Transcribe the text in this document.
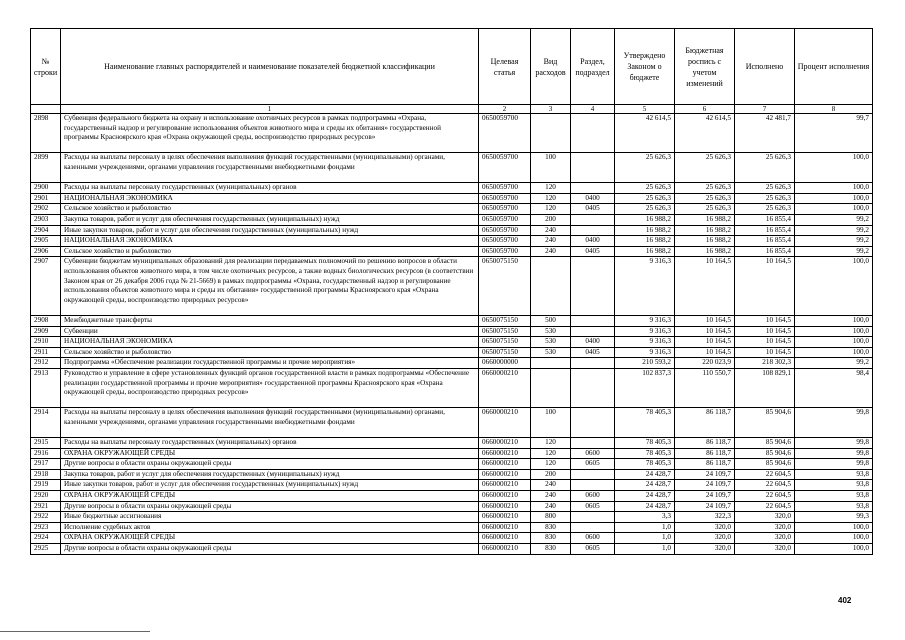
№ строки	Наименование главных распорядителей и наименование показателей бюджетной классификации	Целевая статья	Вид расходов	Раздел, подраздел	Утверждено Законом о бюджете	Бюджетная роспись с учетом изменений	Исполнено	Процент исполнения
	1	2	3	4	5	6	7	8
2898	Субвенция федерального бюджета на охрану и использование охотничьих ресурсов в рамках подпрограммы «Охрана, государственный надзор и регулирование использования объектов животного мира и среды их обитания» государственной программы Красноярского края «Охрана окружающей среды, воспроизводство природных ресурсов»	0650059700			42 614,5	42 614,5	42 481,7	99,7
2899	Расходы на выплаты персоналу в целях обеспечения выполнения функций государственными (муниципальными) органами, казенными учреждениями, органами управления государственными внебюджетными фондами	0650059700	100		25 626,3	25 626,3	25 626,3	100,0
2900	Расходы на выплаты персоналу государственных (муниципальных) органов	0650059700	120		25 626,3	25 626,3	25 626,3	100,0
2901	НАЦИОНАЛЬНАЯ ЭКОНОМИКА	0650059700	120	0400	25 626,3	25 626,3	25 626,3	100,0
2902	Сельское хозяйство и рыболовство	0650059700	120	0405	25 626,3	25 626,3	25 626,3	100,0
2903	Закупка товаров, работ и услуг для обеспечения государственных (муниципальных) нужд	0650059700	200		16 988,2	16 988,2	16 855,4	99,2
2904	Иные закупки товаров, работ и услуг для обеспечения государственных (муниципальных) нужд	0650059700	240		16 988,2	16 988,2	16 855,4	99,2
2905	НАЦИОНАЛЬНАЯ ЭКОНОМИКА	0650059700	240	0400	16 988,2	16 988,2	16 855,4	99,2
2906	Сельское хозяйство и рыболовство	0650059700	240	0405	16 988,2	16 988,2	16 855,4	99,2
2907	Субвенции бюджетам муниципальных образований для реализации передаваемых полномочий по решению вопросов в области использования объектов животного мира, в том числе охотничьих ресурсов, а также водных биологических ресурсов (в соответствии Законом края от 26 декабря 2006 года № 21-5669) в рамках подпрограммы «Охрана, государственный надзор и регулирование использования объектов животного мира и среды их обитания» государственной программы Красноярского края «Охрана окружающей среды, воспроизводство природных ресурсов»	0650075150			9 316,3	10 164,5	10 164,5	100,0
2908	Межбюджетные трансферты	0650075150	500		9 316,3	10 164,5	10 164,5	100,0
2909	Субвенции	0650075150	530		9 316,3	10 164,5	10 164,5	100,0
2910	НАЦИОНАЛЬНАЯ ЭКОНОМИКА	0650075150	530	0400	9 316,3	10 164,5	10 164,5	100,0
2911	Сельское хозяйство и рыболовство	0650075150	530	0405	9 316,3	10 164,5	10 164,5	100,0
2912	Подпрограмма «Обеспечение реализации государственной программы и прочие мероприятия»	0660000000			210 593,2	220 023,9	218 302,3	99,2
2913	Руководство и управление в сфере установленных функций органов государственной власти в рамках подпрограммы «Обеспечение реализации государственной программы и прочие мероприятия» государственной программы Красноярского края «Охрана окружающей среды, воспроизводство природных ресурсов»	0660000210			102 837,3	110 550,7	108 829,1	98,4
2914	Расходы на выплаты персоналу в целях обеспечения выполнения функций государственными (муниципальными) органами, казенными учреждениями, органами управления государственными внебюджетными фондами	0660000210	100		78 405,3	86 118,7	85 904,6	99,8
2915	Расходы на выплаты персоналу государственных (муниципальных) органов	0660000210	120		78 405,3	86 118,7	85 904,6	99,8
2916	ОХРАНА ОКРУЖАЮЩЕЙ СРЕДЫ	0660000210	120	0600	78 405,3	86 118,7	85 904,6	99,8
2917	Другие вопросы в области охраны окружающей среды	0660000210	120	0605	78 405,3	86 118,7	85 904,6	99,8
2918	Закупка товаров, работ и услуг для обеспечения государственных (муниципальных) нужд	0660000210	200		24 428,7	24 109,7	22 604,5	93,8
2919	Иные закупки товаров, работ и услуг для обеспечения государственных (муниципальных) нужд	0660000210	240		24 428,7	24 109,7	22 604,5	93,8
2920	ОХРАНА ОКРУЖАЮЩЕЙ СРЕДЫ	0660000210	240	0600	24 428,7	24 109,7	22 604,5	93,8
2921	Другие вопросы в области охраны окружающей среды	0660000210	240	0605	24 428,7	24 109,7	22 604,5	93,8
2922	Иные бюджетные ассигнования	0660000210	800		3,3	322,3	320,0	99,3
2923	Исполнение судебных актов	0660000210	830		1,0	320,0	320,0	100,0
2924	ОХРАНА ОКРУЖАЮЩЕЙ СРЕДЫ	0660000210	830	0600	1,0	320,0	320,0	100,0
2925	Другие вопросы в области охраны окружающей среды	0660000210	830	0605	1,0	320,0	320,0	100,0
402
